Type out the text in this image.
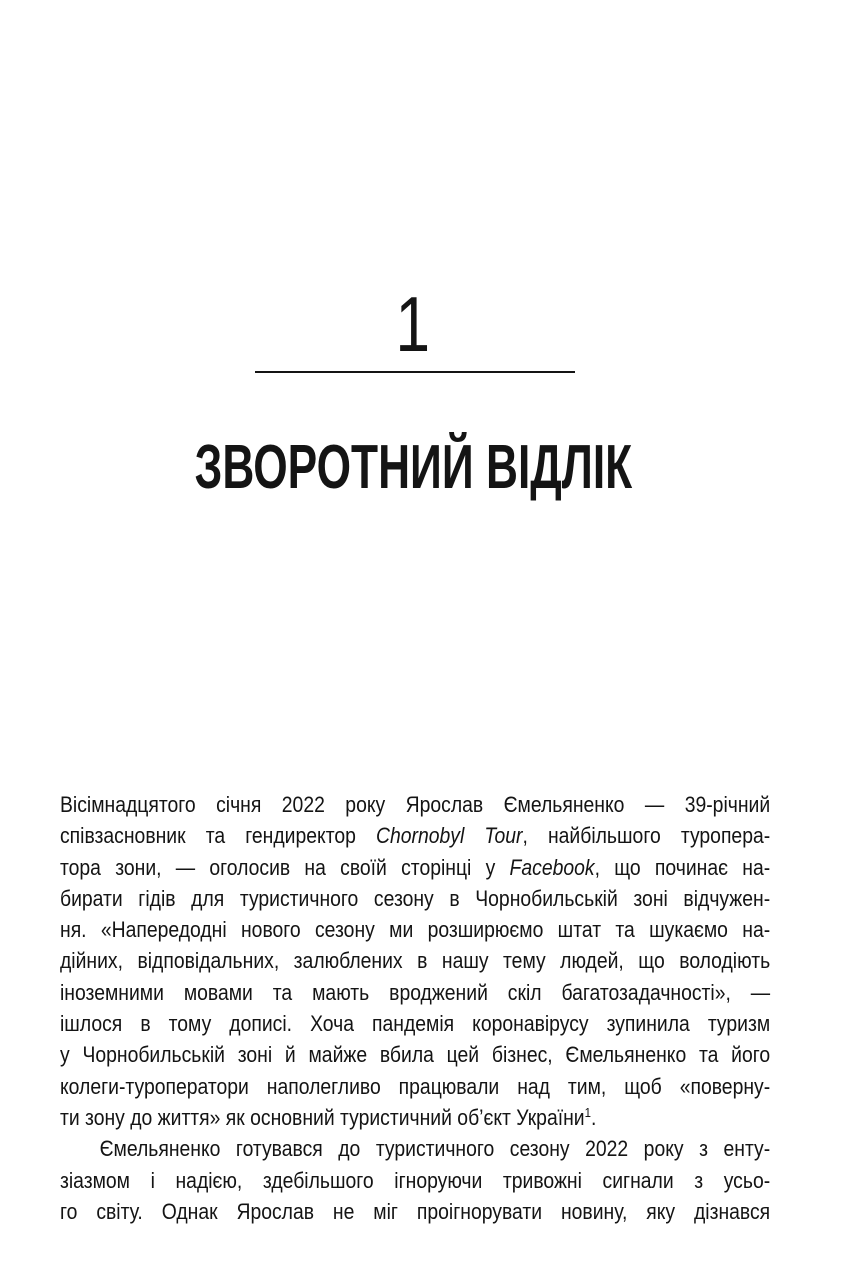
1
ЗВОРОТНИЙ ВІДЛІК
Вісімнадцятого січня 2022 року Ярослав Ємельяненко — 39-річний
співзасновник та гендиректор Chornobyl Tour, найбільшого туропера-
тора зони, — оголосив на своїй сторінці у Facebook, що починає на-
бирати гідів для туристичного сезону в Чорнобильській зоні відчужен-
ня. «Напередодні нового сезону ми розширюємо штат та шукаємо на-
дійних, відповідальних, залюблених в нашу тему людей, що володіють
іноземними мовами та мають вроджений скіл багатозадачності», —
ішлося в тому дописі. Хоча пандемія коронавірусу зупинила туризм
у Чорнобильській зоні й майже вбила цей бізнес, Ємельяненко та його
колеги-туроператори наполегливо працювали над тим, щоб «поверну-
ти зону до життя» як основний туристичний об’єкт України$^1$.
Ємельяненко готувався до туристичного сезону 2022 року з енту-
зіазмом і надією, здебільшого ігноруючи тривожні сигнали з усьо-
го світу. Однак Ярослав не міг проігнорувати новину, яку дізнався
